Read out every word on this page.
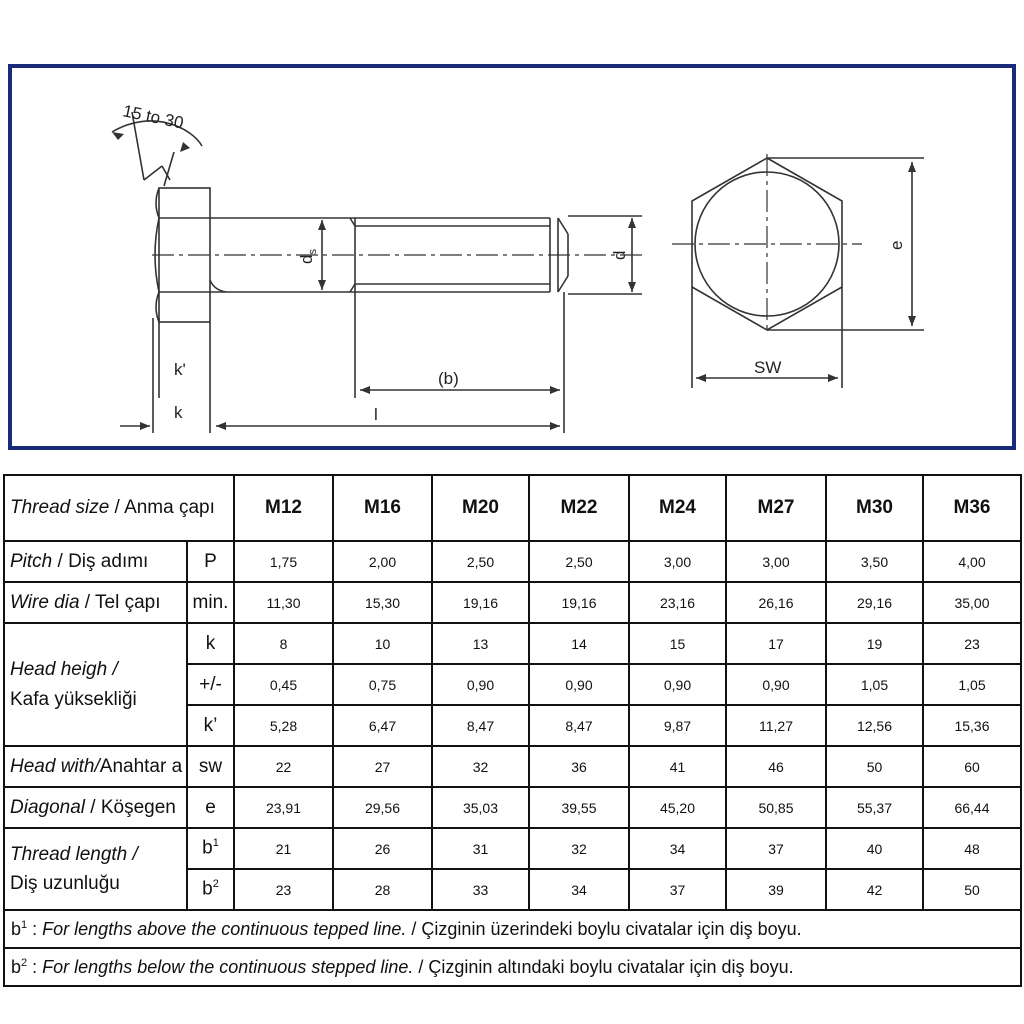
15 to 30
$d_s$	d
e
SW
k'
k
(b)
l
Thread size / Anma çapı		M12	M16	M20	M22	M24	M27	M30	M36
Pitch / Diş adımı	P	1,75	2,00	2,50	2,50	3,00	3,00	3,50	4,00
Wire dia / Tel çapı	min.	11,30	15,30	19,16	19,16	23,16	26,16	29,16	35,00
Head heigh /
Kafa yüksekliği	k	8	10	13	14	15	17	19	23
	+/-	0,45	0,75	0,90	0,90	0,90	0,90	1,05	1,05
	k’	5,28	6,47	8,47	8,47	9,87	11,27	12,56	15,36
Head with/Anahtar a	sw	22	27	32	36	41	46	50	60
Diagonal / Köşegen	e	23,91	29,56	35,03	39,55	45,20	50,85	55,37	66,44
Thread length /
Diş uzunluğu	$b^1$	21	26	31	32	34	37	40	48
	$b^2$	23	28	33	34	37	39	42	50
$b^1$ : For lengths above the continuous tepped line. / Çizginin üzerindeki boylu civatalar için diş boyu.									
$b^2$ : For lengths below the continuous stepped line. / Çizginin altındaki boylu civatalar için diş boyu.									
